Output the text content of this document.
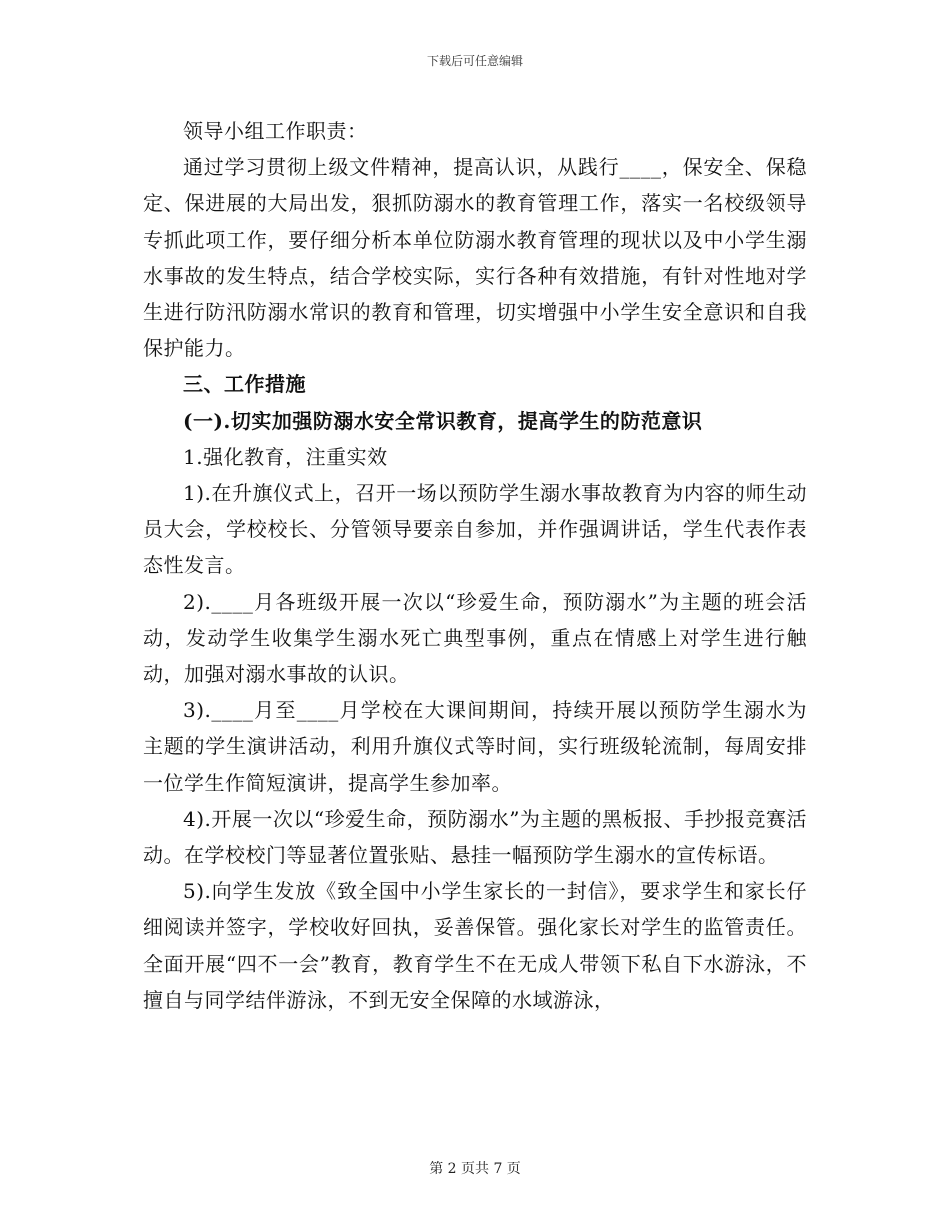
下载后可任意编辑

领导小组工作职责：

通过学习贯彻上级文件精神，提高认识，从践行____，保安全、保稳定、保进展的大局出发，狠抓防溺水的教育管理工作，落实一名校级领导专抓此项工作，要仔细分析本单位防溺水教育管理的现状以及中小学生溺水事故的发生特点，结合学校实际，实行各种有效措施，有针对性地对学生进行防汛防溺水常识的教育和管理，切实增强中小学生安全意识和自我保护能力。

三、工作措施

(一).切实加强防溺水安全常识教育，提高学生的防范意识

1.强化教育，注重实效

1).在升旗仪式上，召开一场以预防学生溺水事故教育为内容的师生动员大会，学校校长、分管领导要亲自参加，并作强调讲话，学生代表作表态性发言。

2).____月各班级开展一次以“珍爱生命，预防溺水”为主题的班会活动，发动学生收集学生溺水死亡典型事例，重点在情感上对学生进行触动，加强对溺水事故的认识。

3).____月至____月学校在大课间期间，持续开展以预防学生溺水为主题的学生演讲活动，利用升旗仪式等时间，实行班级轮流制，每周安排一位学生作简短演讲，提高学生参加率。

4).开展一次以“珍爱生命，预防溺水”为主题的黑板报、手抄报竞赛活动。在学校校门等显著位置张贴、悬挂一幅预防学生溺水的宣传标语。

5).向学生发放《致全国中小学生家长的一封信》，要求学生和家长仔细阅读并签字，学校收好回执，妥善保管。强化家长对学生的监管责任。全面开展“四不一会”教育，教育学生不在无成人带领下私自下水游泳，不擅自与同学结伴游泳，不到无安全保障的水域游泳，

第 2 页共 7 页
